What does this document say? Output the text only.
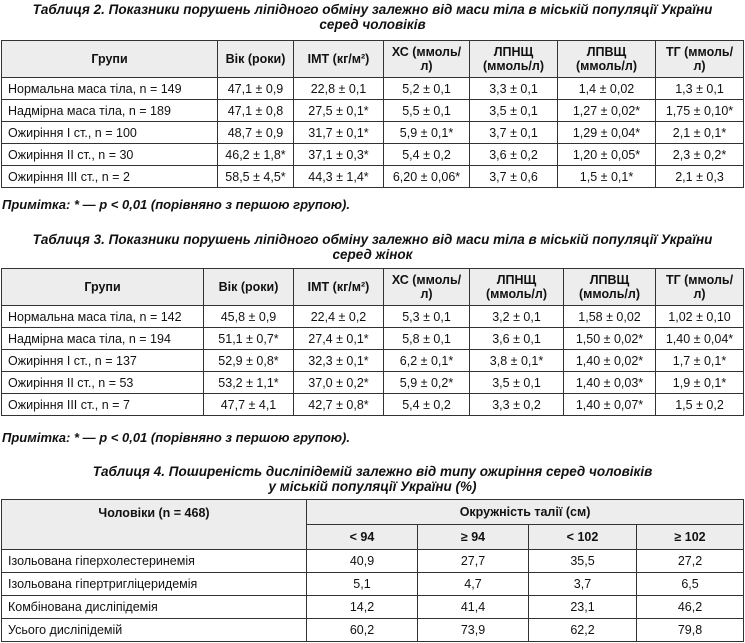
Таблиця 2. Показники порушень ліпідного обміну залежно від маси тіла в міській популяції України
серед чоловіків
Групи	Вік (роки)	ІМТ (кг/м²)	ХС (ммоль/л)	ЛПНЩ (ммоль/л)	ЛПВЩ (ммоль/л)	ТГ (ммоль/л)
Нормальна маса тіла, n = 149	47,1 ± 0,9	22,8 ± 0,1	5,2 ± 0,1	3,3 ± 0,1	1,4 ± 0,02	1,3 ± 0,1
Надмірна маса тіла, n = 189	47,1 ± 0,8	27,5 ± 0,1*	5,5 ± 0,1	3,5 ± 0,1	1,27 ± 0,02*	1,75 ± 0,10*
Ожиріння І ст., n = 100	48,7 ± 0,9	31,7 ± 0,1*	5,9 ± 0,1*	3,7 ± 0,1	1,29 ± 0,04*	2,1 ± 0,1*
Ожиріння ІІ ст., n = 30	46,2 ± 1,8*	37,1 ± 0,3*	5,4 ± 0,2	3,6 ± 0,2	1,20 ± 0,05*	2,3 ± 0,2*
Ожиріння ІІІ ст., n = 2	58,5 ± 4,5*	44,3 ± 1,4*	6,20 ± 0,06*	3,7 ± 0,6	1,5 ± 0,1*	2,1 ± 0,3
Примітка: * — p < 0,01 (порівняно з першою групою).
Таблиця 3. Показники порушень ліпідного обміну залежно від маси тіла в міській популяції України
серед жінок
Групи	Вік (роки)	ІМТ (кг/м²)	ХС (ммоль/л)	ЛПНЩ (ммоль/л)	ЛПВЩ (ммоль/л)	ТГ (ммоль/л)
Нормальна маса тіла, n = 142	45,8 ± 0,9	22,4 ± 0,2	5,3 ± 0,1	3,2 ± 0,1	1,58 ± 0,02	1,02 ± 0,10
Надмірна маса тіла, n = 194	51,1 ± 0,7*	27,4 ± 0,1*	5,8 ± 0,1	3,6 ± 0,1	1,50 ± 0,02*	1,40 ± 0,04*
Ожиріння І ст., n = 137	52,9 ± 0,8*	32,3 ± 0,1*	6,2 ± 0,1*	3,8 ± 0,1*	1,40 ± 0,02*	1,7 ± 0,1*
Ожиріння ІІ ст., n = 53	53,2 ± 1,1*	37,0 ± 0,2*	5,9 ± 0,2*	3,5 ± 0,1	1,40 ± 0,03*	1,9 ± 0,1*
Ожиріння ІІІ ст., n = 7	47,7 ± 4,1	42,7 ± 0,8*	5,4 ± 0,2	3,3 ± 0,2	1,40 ± 0,07*	1,5 ± 0,2
Примітка: * — p < 0,01 (порівняно з першою групою).
Таблиця 4. Поширеність дисліпідемій залежно від типу ожиріння серед чоловіків
у міській популяції України (%)
Чоловіки (n = 468)	Окружність талії (см)			
	< 94	≥ 94	< 102	≥ 102
Ізольована гіперхолестеринемія	40,9	27,7	35,5	27,2
Ізольована гіпертригліцеридемія	5,1	4,7	3,7	6,5
Комбінована дисліпідемія	14,2	41,4	23,1	46,2
Усього дисліпідемій	60,2	73,9	62,2	79,8
